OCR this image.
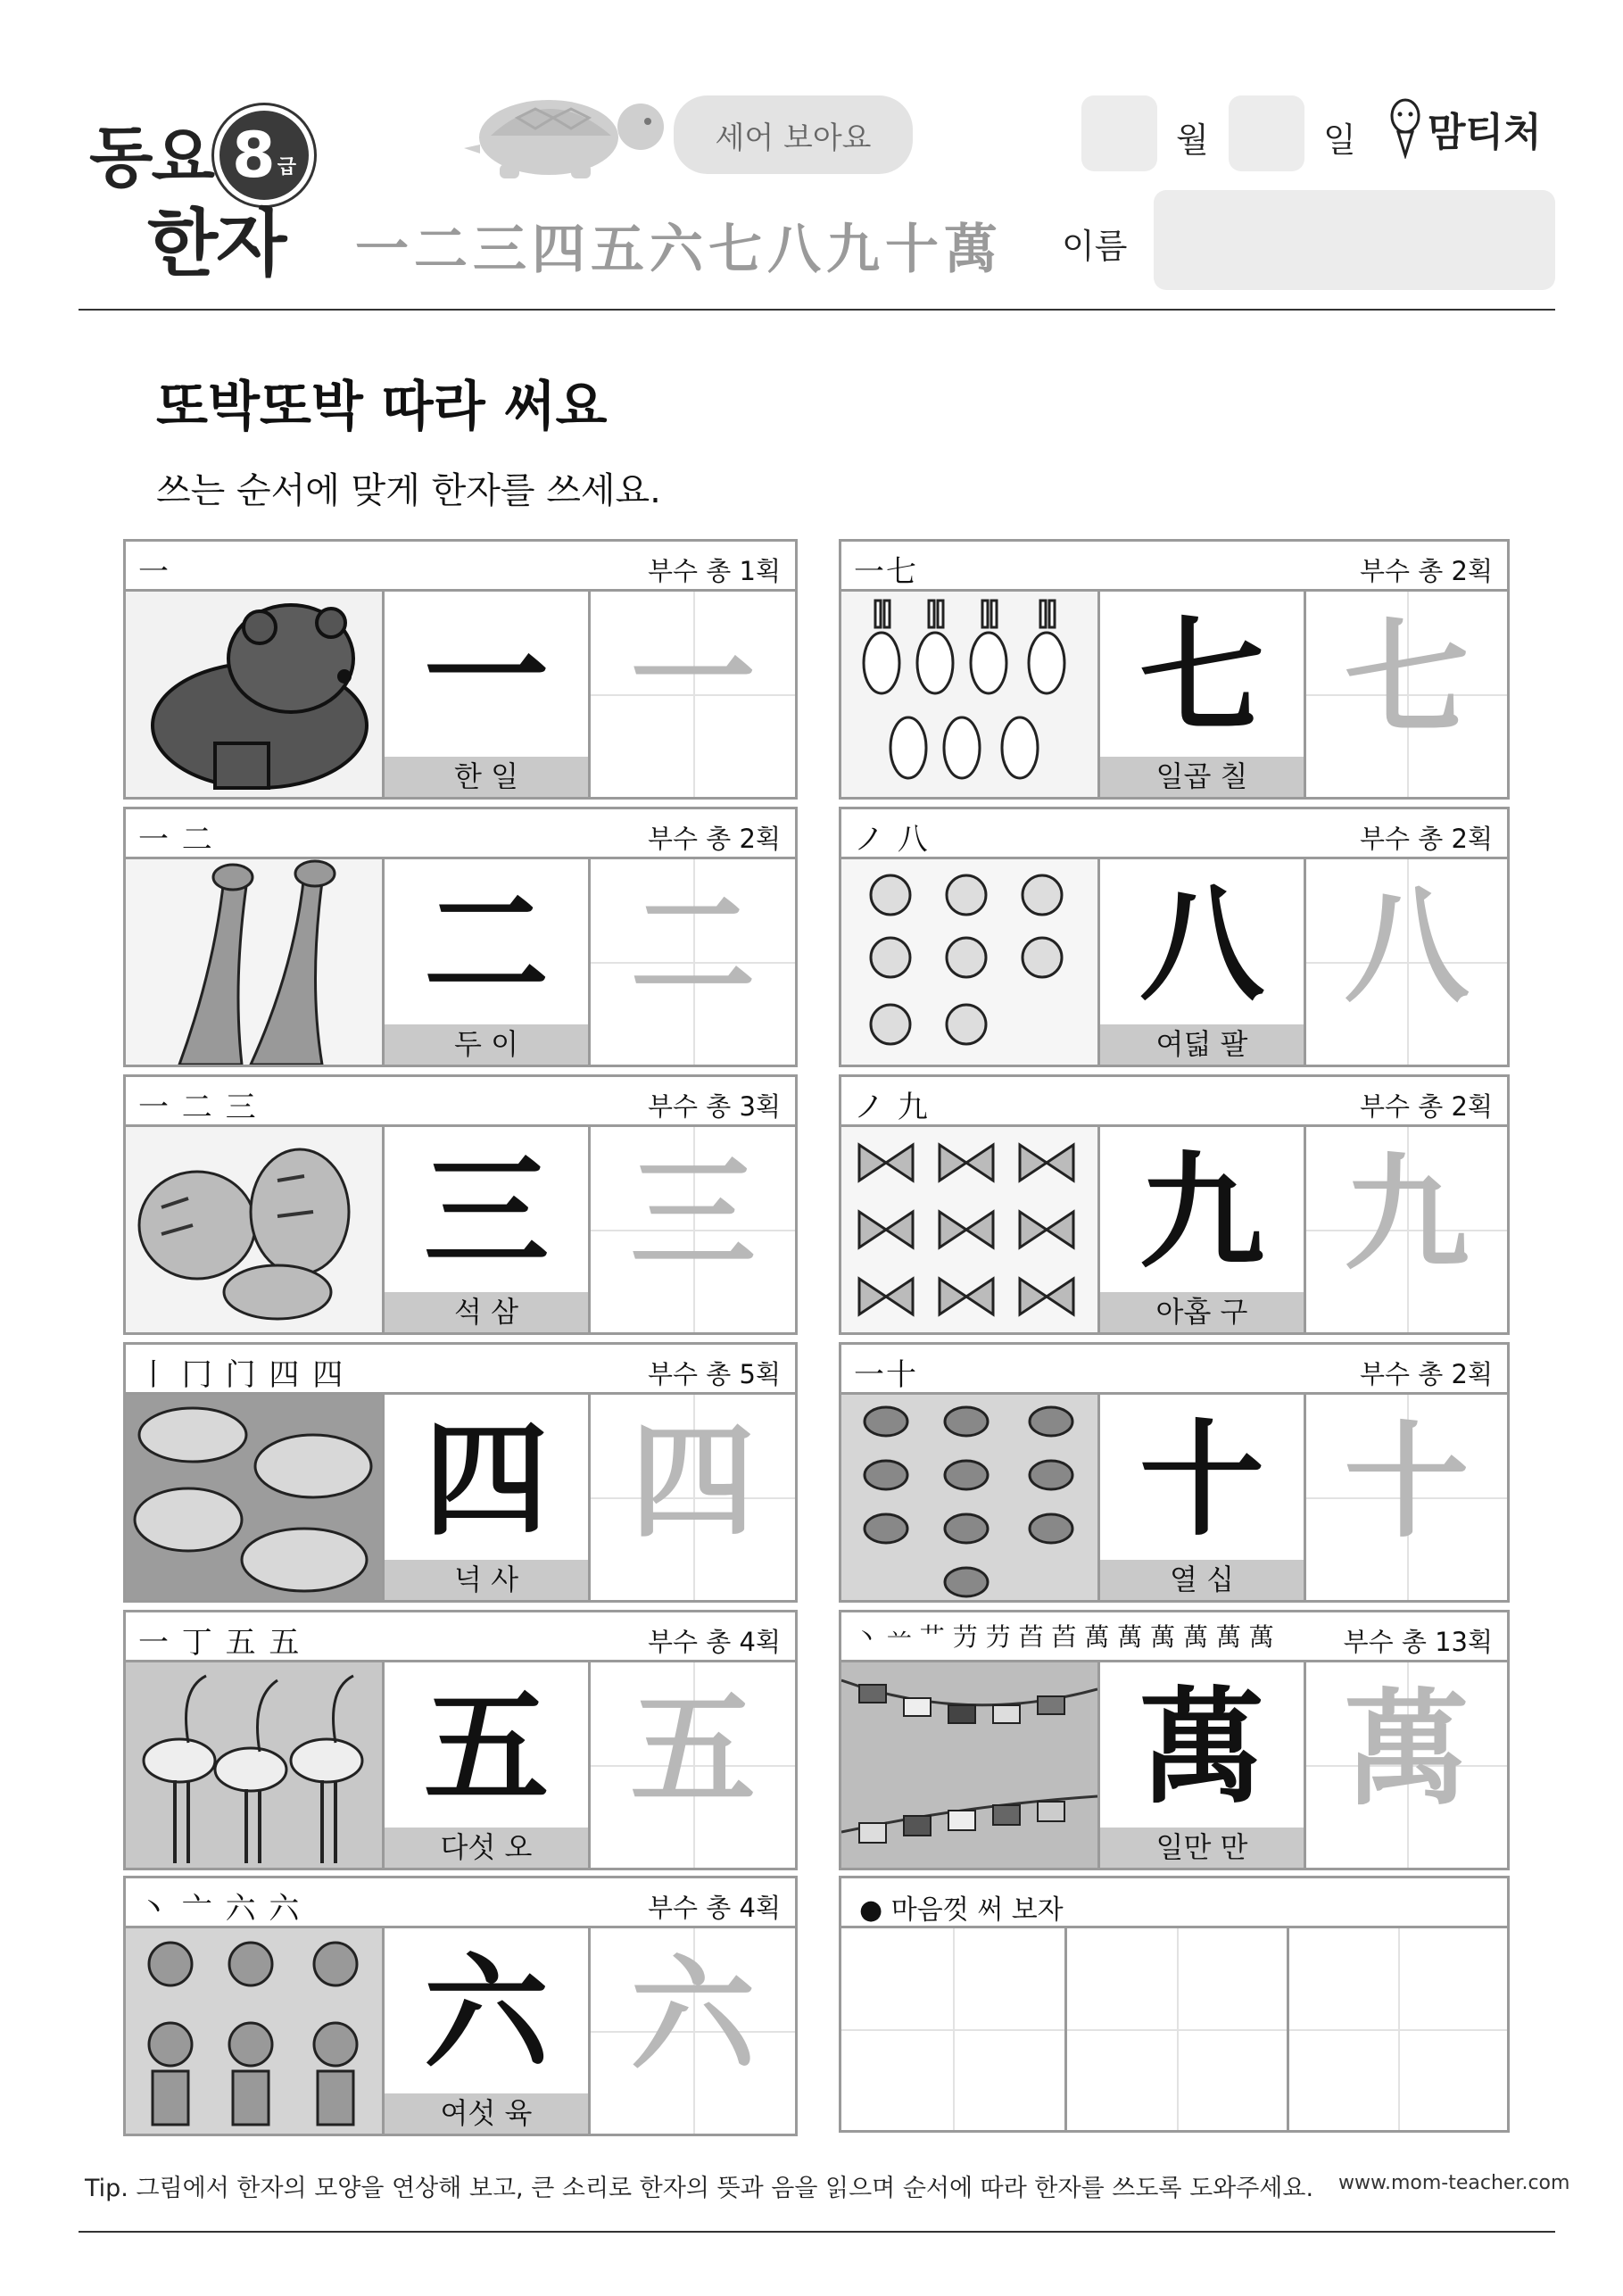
동요 8 급
한자
세어 보아요
一二三四五六七八九十萬
월	일 맘티처
이름
또박또박 따라 써요
쓰는 순서에 맞게 한자를 쓰세요.
一	부수 총 1획
一
한 일
一
一七	부수 총 2획
七
일곱 칠
七
一 二	부수 총 2획
二
두 이
二
ノ 八	부수 총 2획
八
여덟 팔
八
一 二 三	부수 총 3획
三
석 삼
三
ノ 九	부수 총 2획
九
아홉 구
九
丨 冂 门 四 四	부수 총 5획
四
넉 사
四
一十	부수 총 2획
十
열 십
十
一 丁 五 五	부수 총 4획
五
다섯 오
五
丶 䒑 艹 芀 芀 苩 苩 萬 萬 萬 萬 萬 萬	부수 총 13획
萬
일만 만
萬
丶 亠 六 六	부수 총 4획
六
여섯 육
六
● 마음껏 써 보자
Tip. 그림에서 한자의 모양을 연상해 보고, 큰 소리로 한자의 뜻과 음을 읽으며 순서에 따라 한자를 쓰도록 도와주세요. www.mom-teacher.com
